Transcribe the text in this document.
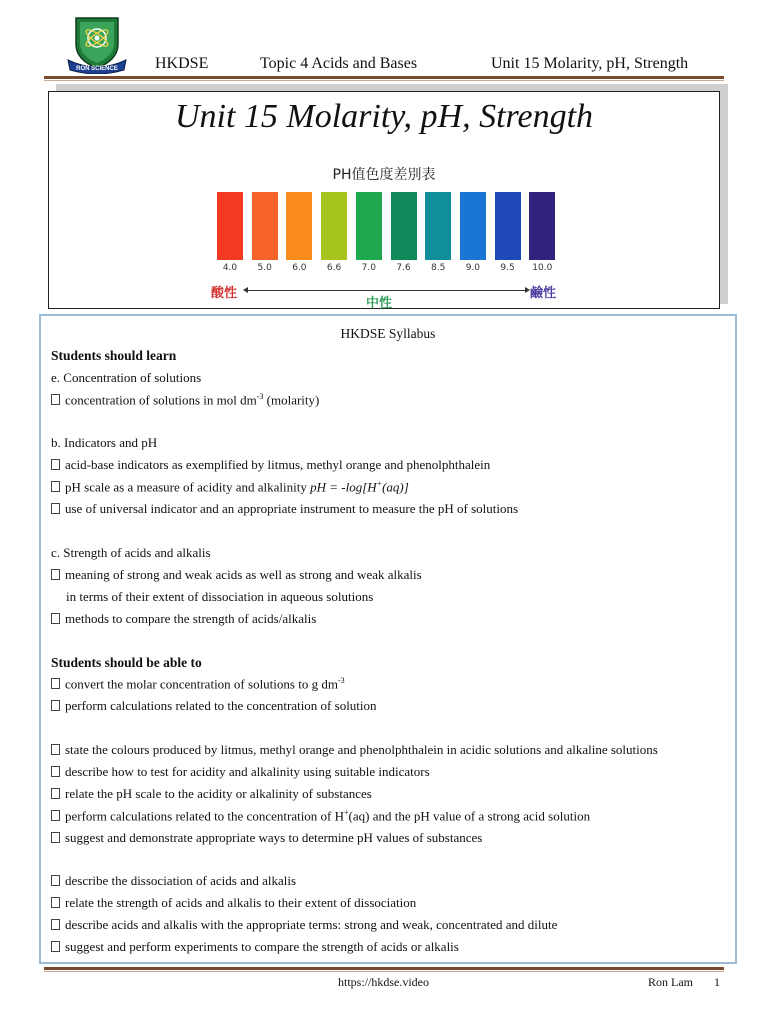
RON SCIENCE HKDSE	Topic 4 Acids and Bases	Unit 15 Molarity, pH, Strength
Unit 15 Molarity, pH, Strength
PH值色度差別表
4.0	5.0	6.0	6.6	7.0	7.6	8.5	9.0	9.5	10.0
酸性
中性
鹼性
HKDSE Syllabus
Students should learn
e. Concentration of solutions
concentration of solutions in mol $dm^{-3}$ (molarity)
b. Indicators and pH
acid-base indicators as exemplified by litmus, methyl orange and phenolphthalein
pH scale as a measure of acidity and alkalinity pH = -log[H+(aq)]
use of universal indicator and an appropriate instrument to measure the pH of solutions
c. Strength of acids and alkalis
meaning of strong and weak acids as well as strong and weak alkalis
in terms of their extent of dissociation in aqueous solutions
methods to compare the strength of acids/alkalis
Students should be able to
convert the molar concentration of solutions to g $dm^{-3}$
perform calculations related to the concentration of solution
state the colours produced by litmus, methyl orange and phenolphthalein in acidic solutions and alkaline solutions
describe how to test for acidity and alkalinity using suitable indicators
relate the pH scale to the acidity or alkalinity of substances
perform calculations related to the concentration of H+(aq) and the pH value of a strong acid solution
suggest and demonstrate appropriate ways to determine pH values of substances
describe the dissociation of acids and alkalis
relate the strength of acids and alkalis to their extent of dissociation
describe acids and alkalis with the appropriate terms: strong and weak, concentrated and dilute
suggest and perform experiments to compare the strength of acids or alkalis
https://hkdse.video	Ron Lam 1
